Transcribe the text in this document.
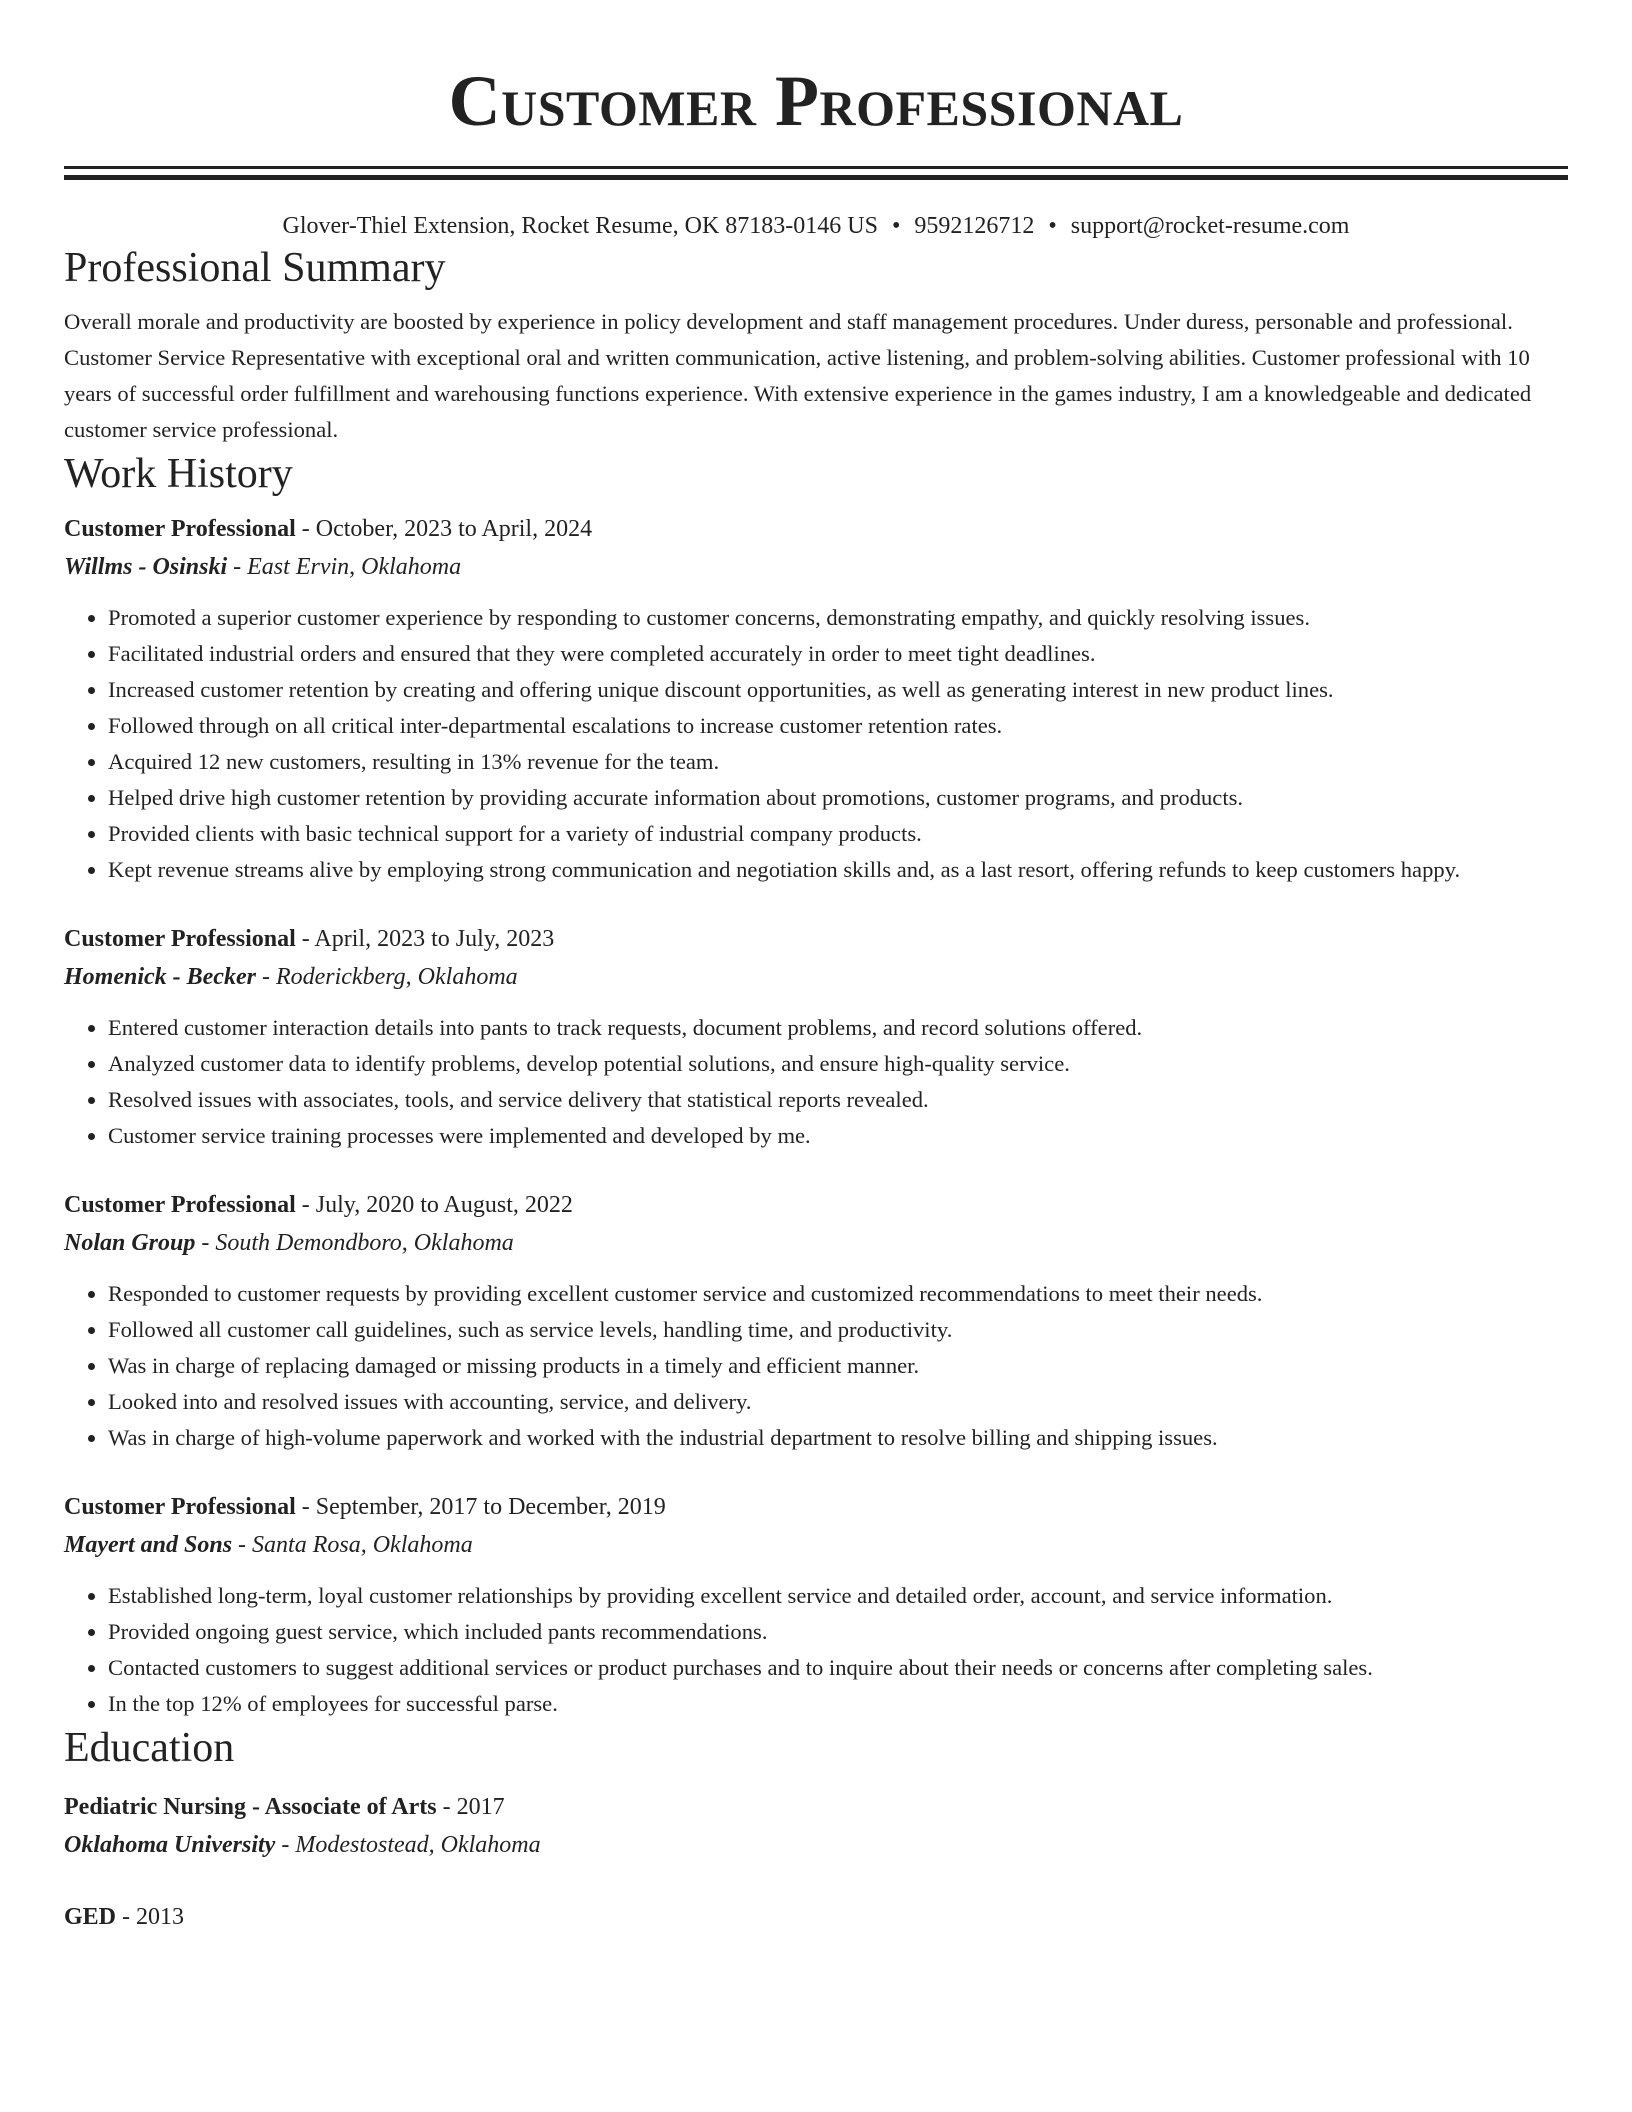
Customer Professional
Glover-Thiel Extension, Rocket Resume, OK 87183-0146 US • 9592126712 • support@rocket-resume.com
Professional Summary

Overall morale and productivity are boosted by experience in policy development and staff management procedures. Under duress, personable and professional. Customer Service Representative with exceptional oral and written communication, active listening, and problem-solving abilities. Customer professional with 10 years of successful order fulfillment and warehousing functions experience. With extensive experience in the games industry, I am a knowledgeable and dedicated customer service professional.

Work History
Customer Professional - October, 2023 to April, 2024
Willms - Osinski - East Ervin, Oklahoma
• Promoted a superior customer experience by responding to customer concerns, demonstrating empathy, and quickly resolving issues.
• Facilitated industrial orders and ensured that they were completed accurately in order to meet tight deadlines.
• Increased customer retention by creating and offering unique discount opportunities, as well as generating interest in new product lines.
• Followed through on all critical inter-departmental escalations to increase customer retention rates.
• Acquired 12 new customers, resulting in 13% revenue for the team.
• Helped drive high customer retention by providing accurate information about promotions, customer programs, and products.
• Provided clients with basic technical support for a variety of industrial company products.
• Kept revenue streams alive by employing strong communication and negotiation skills and, as a last resort, offering refunds to keep customers happy.
Customer Professional - April, 2023 to July, 2023
Homenick - Becker - Roderickberg, Oklahoma
• Entered customer interaction details into pants to track requests, document problems, and record solutions offered.
• Analyzed customer data to identify problems, develop potential solutions, and ensure high-quality service.
• Resolved issues with associates, tools, and service delivery that statistical reports revealed.
• Customer service training processes were implemented and developed by me.
Customer Professional - July, 2020 to August, 2022
Nolan Group - South Demondboro, Oklahoma
• Responded to customer requests by providing excellent customer service and customized recommendations to meet their needs.
• Followed all customer call guidelines, such as service levels, handling time, and productivity.
• Was in charge of replacing damaged or missing products in a timely and efficient manner.
• Looked into and resolved issues with accounting, service, and delivery.
• Was in charge of high-volume paperwork and worked with the industrial department to resolve billing and shipping issues.
Customer Professional - September, 2017 to December, 2019
Mayert and Sons - Santa Rosa, Oklahoma
• Established long-term, loyal customer relationships by providing excellent service and detailed order, account, and service information.
• Provided ongoing guest service, which included pants recommendations.
• Contacted customers to suggest additional services or product purchases and to inquire about their needs or concerns after completing sales.
• In the top 12% of employees for successful parse.
Education
Pediatric Nursing - Associate of Arts - 2017
Oklahoma University - Modestostead, Oklahoma
GED - 2013
